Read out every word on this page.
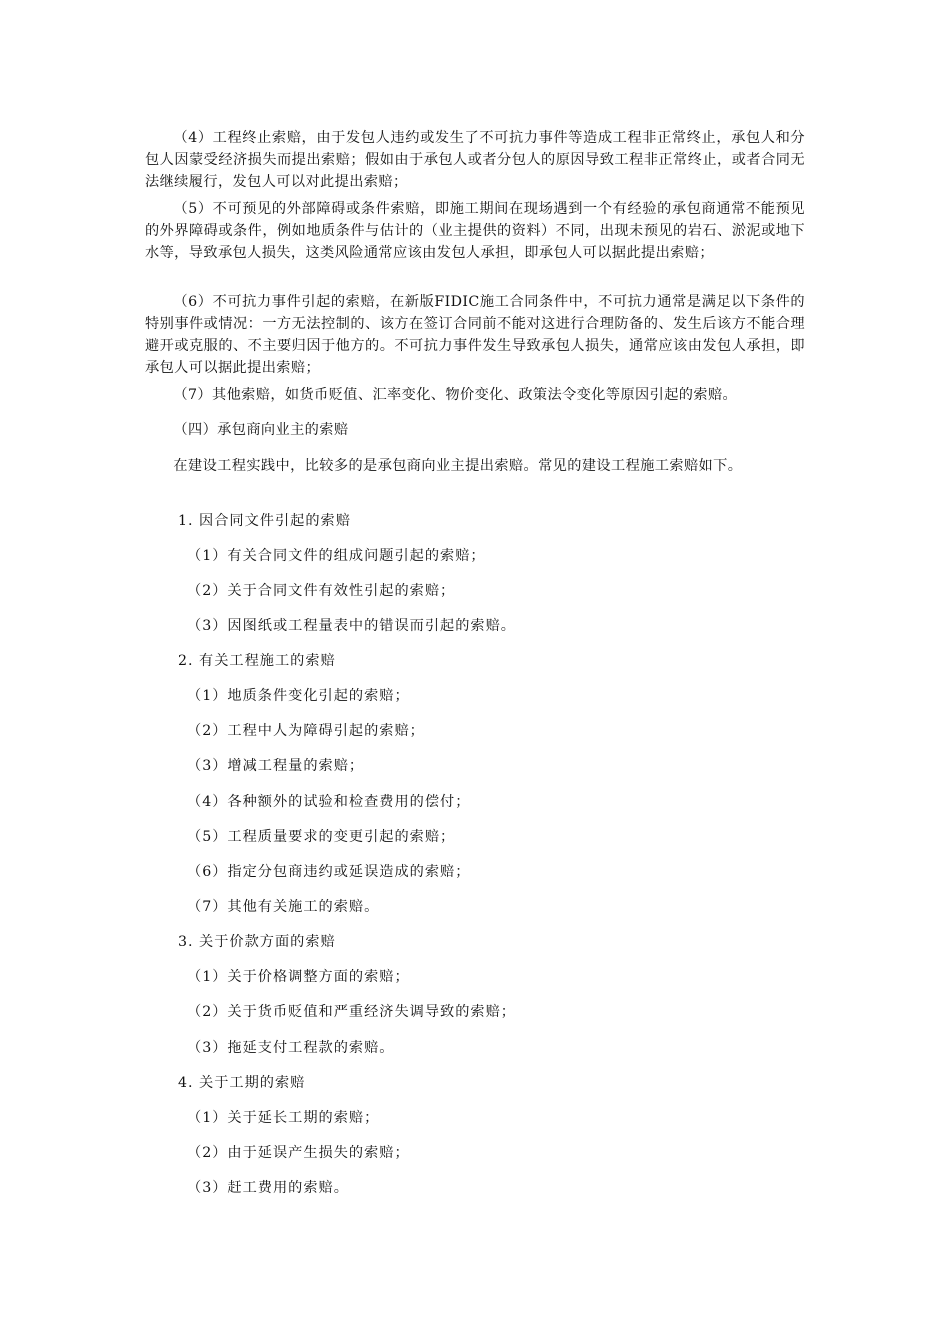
（4）工程终止索赔，由于发包人违约或发生了不可抗力事件等造成工程非正常终止，承包人和分包人因蒙受经济损失而提出索赔；假如由于承包人或者分包人的原因导致工程非正常终止，或者合同无法继续履行，发包人可以对此提出索赔；

（5）不可预见的外部障碍或条件索赔，即施工期间在现场遇到一个有经验的承包商通常不能预见的外界障碍或条件，例如地质条件与估计的（业主提供的资料）不同，出现未预见的岩石、淤泥或地下水等，导致承包人损失，这类风险通常应该由发包人承担，即承包人可以据此提出索赔；

（6）不可抗力事件引起的索赔，在新版FIDIC施工合同条件中，不可抗力通常是满足以下条件的特别事件或情况：一方无法控制的、该方在签订合同前不能对这进行合理防备的、发生后该方不能合理避开或克服的、不主要归因于他方的。不可抗力事件发生导致承包人损失，通常应该由发包人承担，即承包人可以据此提出索赔；

（7）其他索赔，如货币贬值、汇率变化、物价变化、政策法令变化等原因引起的索赔。

（四）承包商向业主的索赔

在建设工程实践中，比较多的是承包商向业主提出索赔。常见的建设工程施工索赔如下。

1. 因合同文件引起的索赔

（1）有关合同文件的组成问题引起的索赔；

（2）关于合同文件有效性引起的索赔；

（3）因图纸或工程量表中的错误而引起的索赔。

2. 有关工程施工的索赔

（1）地质条件变化引起的索赔；

（2）工程中人为障碍引起的索赔；

（3）增减工程量的索赔；

（4）各种额外的试验和检查费用的偿付；

（5）工程质量要求的变更引起的索赔；

（6）指定分包商违约或延误造成的索赔；

（7）其他有关施工的索赔。

3. 关于价款方面的索赔

（1）关于价格调整方面的索赔；

（2）关于货币贬值和严重经济失调导致的索赔；

（3）拖延支付工程款的索赔。

4. 关于工期的索赔

（1）关于延长工期的索赔；

（2）由于延误产生损失的索赔；

（3）赶工费用的索赔。
